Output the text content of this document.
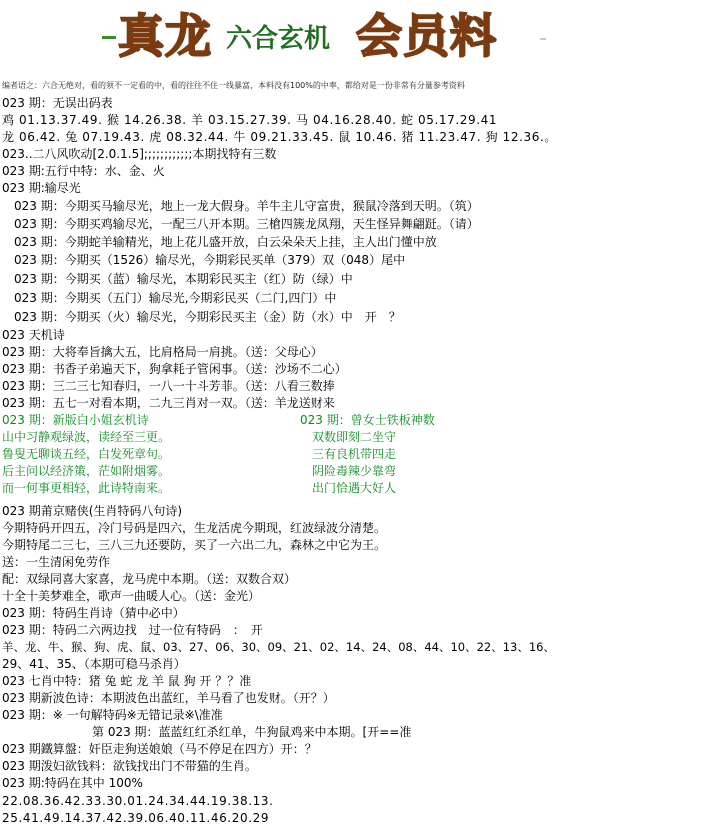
真龙 六合玄机 会员料
编者语之：六合无绝对，看的须不一定看的中，看的往往不住一线暴富，本料没有100%的中率，都给对是一份非常有分量参考资料
023 期：无误出码表
鸡 01.13.37.49. 猴 14.26.38. 羊 03.15.27.39. 马 04.16.28.40. 蛇 05.17.29.41
龙 06.42. 兔 07.19.43. 虎 08.32.44. 牛 09.21.33.45. 鼠 10.46. 猪 11.23.47. 狗 12.36.。
023..二八风吹动[2.0.1.5];;;;;;;;;;;;本期找特有三数
023 期:五行中特：水、金、火
023 期:输尽光
023 期：今期买马输尽光，地上一龙大假身。羊牛主儿守富贵，猴鼠冷落到天明。（筑）
023 期：今期买鸡输尽光，一配三八开本期。三槍四簇龙凤翔，天生怪异舞翩跹。（请）
023 期：今期蛇羊输精光，地上花儿盛开放，白云朵朵天上挂，主人出门懂中放
023 期：今期买（1526）输尽光，今期彩民买单（379）双（048）尾中
023 期：今期买（蓝）输尽光，本期彩民买主（红）防（绿）中
023 期：今期买（五门）输尽光,今期彩民买（二门,四门）中
023 期：今期买（火）输尽光，今期彩民买主（金）防（水）中　开　？
023 天机诗
023 期：大将奉旨擒大五，比肩格局一肩挑。（送：父母心）
023 期：书香子弟遍天下，狗拿耗子管闲事。（送：沙场不二心）
023 期：三二三七知春归，一八一十斗芳菲。（送：八看三数捧
023 期：五七一对看本期，二九三肖对一双。（送：羊龙送财来
023 期：新版白小姐玄机诗
山中习静观绿波，读经至三更。
鲁叟无聊谈五经，白发死章句。
后主问以经济策，茫如附烟雾。
而一何事更相轻，此诗特南来。
023 期：曾女士铁板神数
双数即刻二坐守
三有良机带四走
阴险毒辣少靠弯
出门恰遇大好人
023 期莆京赌侠(生肖特码八句诗)
今期特码开四五，冷门号码是四六，生龙活虎今期现，红波绿波分清楚。
今期特尾二三七，三八三九还要防，买了一六出二九，森林之中它为王。
送：一生清闲免劳作
配：双绿同喜大家喜，龙马虎中本期。（送：双数合双）
十全十美梦难全，歌声一曲暖人心。（送：金光）
023 期：特码生肖诗（猜中必中）
023 期：特码二六两边找　过一位有特码　：　开
羊、龙、牛、猴、狗、虎、鼠、03、27、06、30、09、21、02、14、24、08、44、10、22、13、16、
29、41、35、（本期可稳马杀肖）
023 七肖中特：猪 兔 蛇 龙 羊 鼠 狗 开 ？？准
023 期新波色诗：本期波色出蓝红，羊马看了也发财。（开？）
023 期：※ 一句解特码※无错记录※\准准
第 023 期：蓝蓝红红杀红单，牛狗鼠鸡来中本期。[开==准
023 期鐵算盤：奸臣走狗送娘娘（马不停足在四方）开：？
023 期泼妇欲钱料：欲钱找出门不带猫的生肖。
023 期:特码在其中 100%
22.08.36.42.33.30.01.24.34.44.19.38.13.
25.41.49.14.37.42.39.06.40.11.46.20.29
